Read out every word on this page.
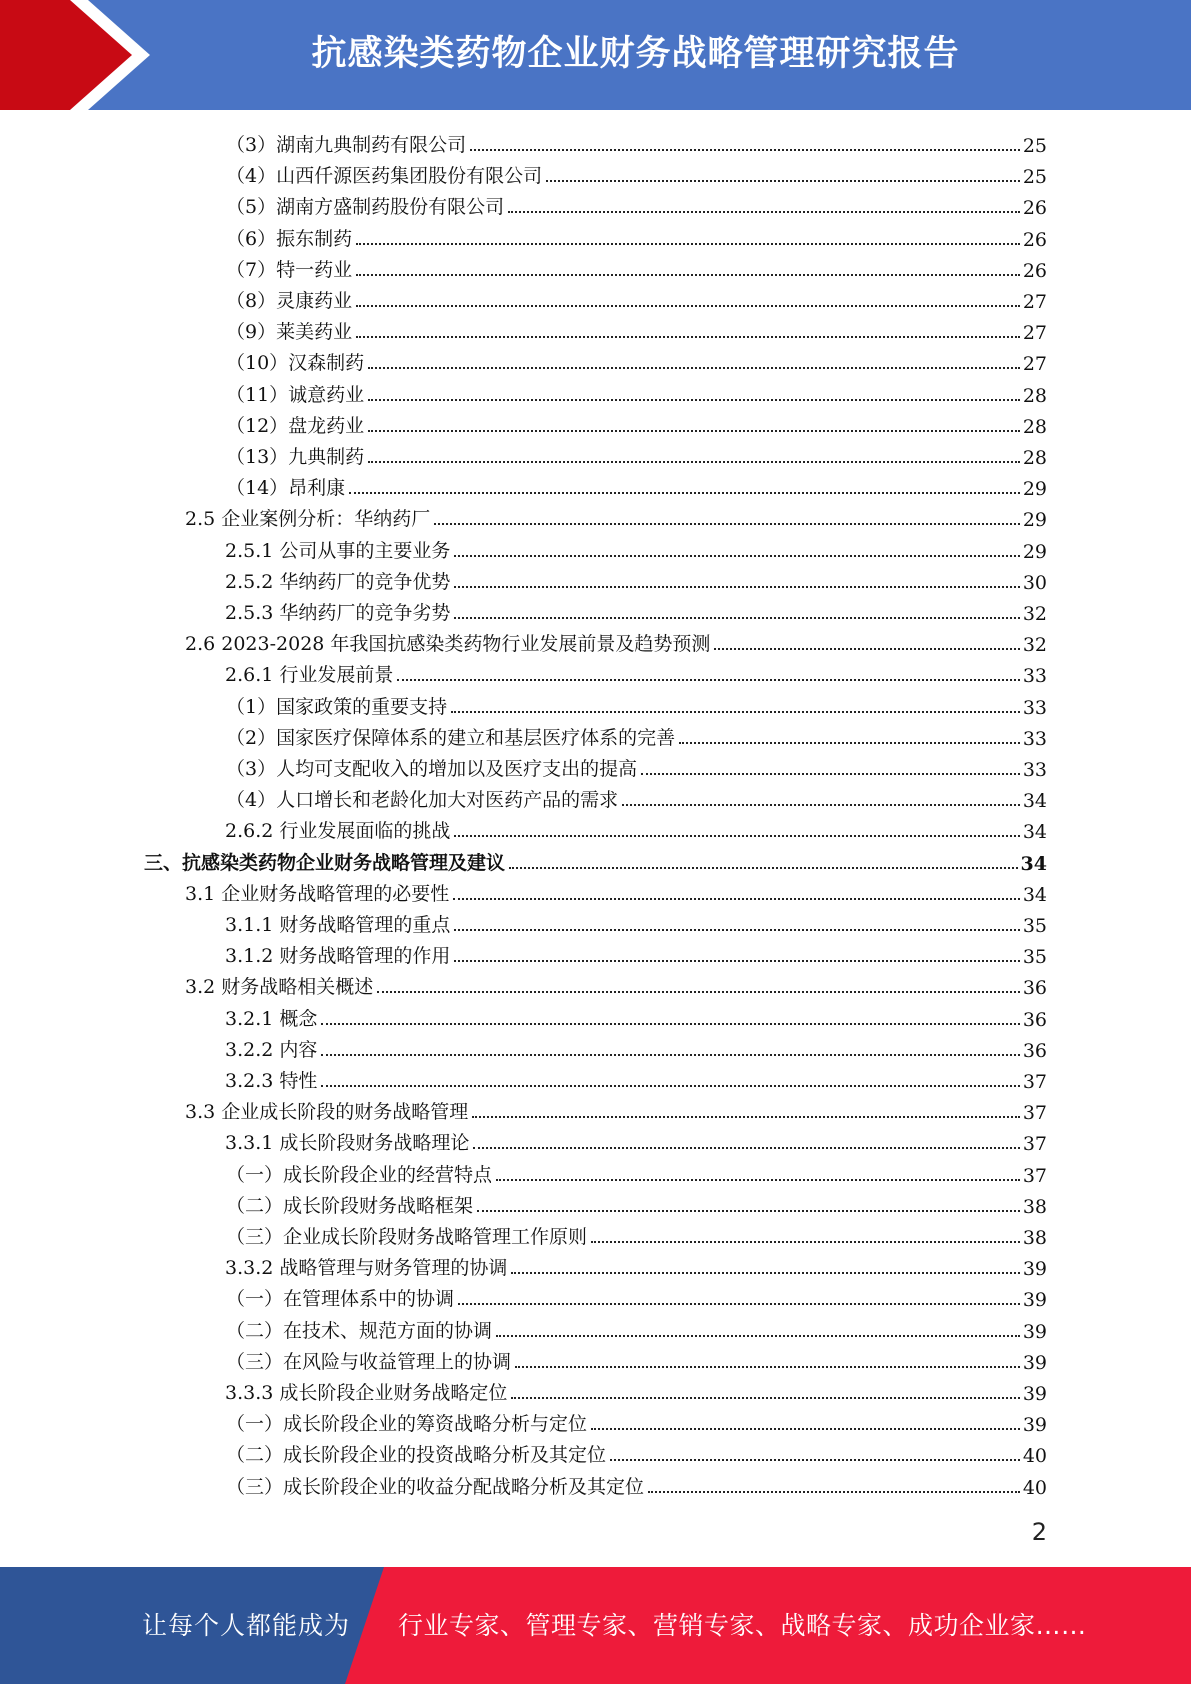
抗感染类药物企业财务战略管理研究报告
（3）湖南九典制药有限公司	25
（4）山西仟源医药集团股份有限公司	25
（5）湖南方盛制药股份有限公司	26
（6）振东制药	26
（7）特一药业	26
（8）灵康药业	27
（9）莱美药业	27
（10）汉森制药	27
（11）诚意药业	28
（12）盘龙药业	28
（13）九典制药	28
（14）昂利康	29
2.5 企业案例分析：华纳药厂	29
2.5.1 公司从事的主要业务	29
2.5.2 华纳药厂的竞争优势	30
2.5.3 华纳药厂的竞争劣势	32
2.6 2023-2028 年我国抗感染类药物行业发展前景及趋势预测	32
2.6.1 行业发展前景	33
（1）国家政策的重要支持	33
（2）国家医疗保障体系的建立和基层医疗体系的完善	33
（3）人均可支配收入的增加以及医疗支出的提高	33
（4）人口增长和老龄化加大对医药产品的需求	34
2.6.2 行业发展面临的挑战	34
三、抗感染类药物企业财务战略管理及建议	34
3.1 企业财务战略管理的必要性	34
3.1.1 财务战略管理的重点	35
3.1.2 财务战略管理的作用	35
3.2 财务战略相关概述	36
3.2.1 概念	36
3.2.2 内容	36
3.2.3 特性	37
3.3 企业成长阶段的财务战略管理	37
3.3.1 成长阶段财务战略理论	37
（一）成长阶段企业的经营特点	37
（二）成长阶段财务战略框架	38
（三）企业成长阶段财务战略管理工作原则	38
3.3.2 战略管理与财务管理的协调	39
（一）在管理体系中的协调	39
（二）在技术、规范方面的协调	39
（三）在风险与收益管理上的协调	39
3.3.3 成长阶段企业财务战略定位	39
（一）成长阶段企业的筹资战略分析与定位	39
（二）成长阶段企业的投资战略分析及其定位	40
（三）成长阶段企业的收益分配战略分析及其定位	40
2
让每个人都能成为 行业专家、管理专家、营销专家、战略专家、成功企业家……
